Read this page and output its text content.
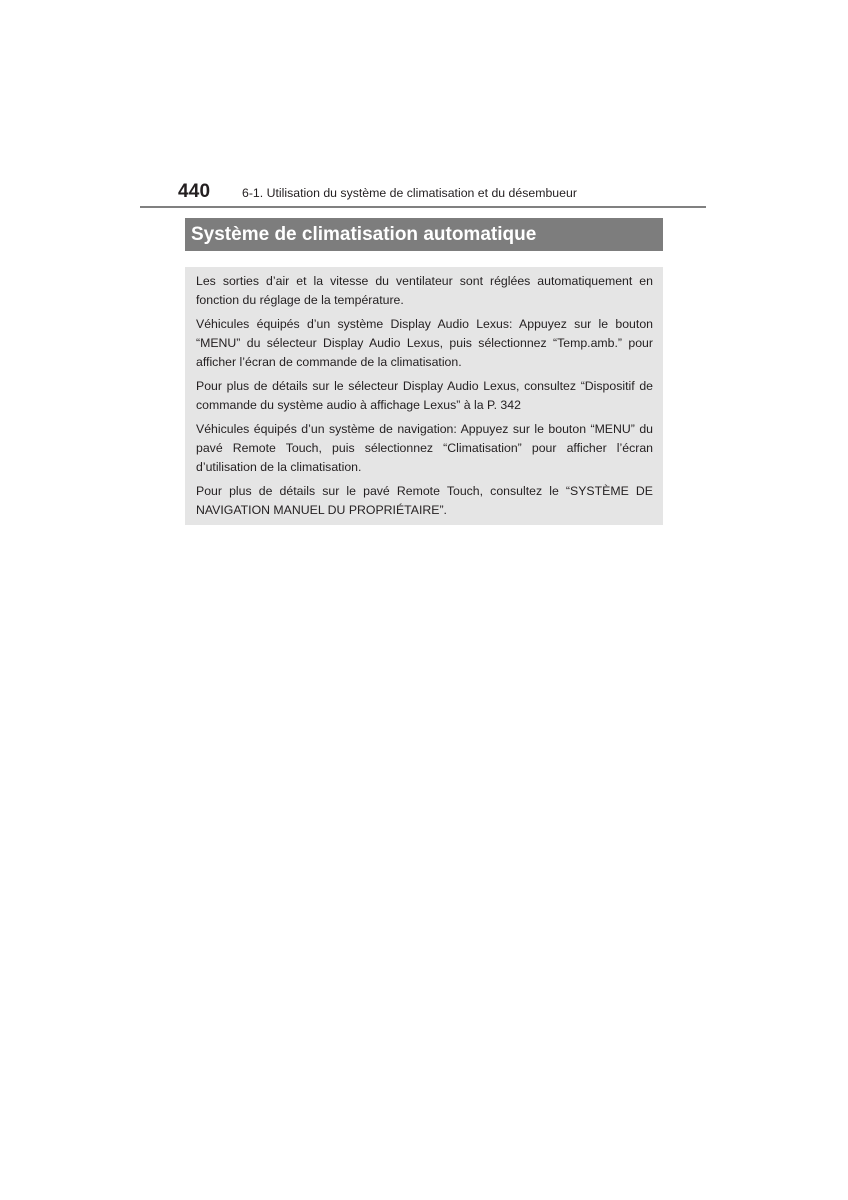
440	6-1. Utilisation du système de climatisation et du désembueur
Système de climatisation automatique

Les sorties d’air et la vitesse du ventilateur sont réglées automatiquement en fonction du réglage de la température.

Véhicules équipés d’un système Display Audio Lexus: Appuyez sur le bouton “MENU” du sélecteur Display Audio Lexus, puis sélectionnez “Temp.amb.” pour afficher l’écran de commande de la climatisation.

Pour plus de détails sur le sélecteur Display Audio Lexus, consultez “Dispositif de commande du système audio à affichage Lexus” à la P. 342

Véhicules équipés d’un système de navigation: Appuyez sur le bouton “MENU” du pavé Remote Touch, puis sélectionnez “Climatisation” pour afficher l’écran d’utilisation de la climatisation.

Pour plus de détails sur le pavé Remote Touch, consultez le “SYSTÈME DE NAVIGATION MANUEL DU PROPRIÉTAIRE”.
